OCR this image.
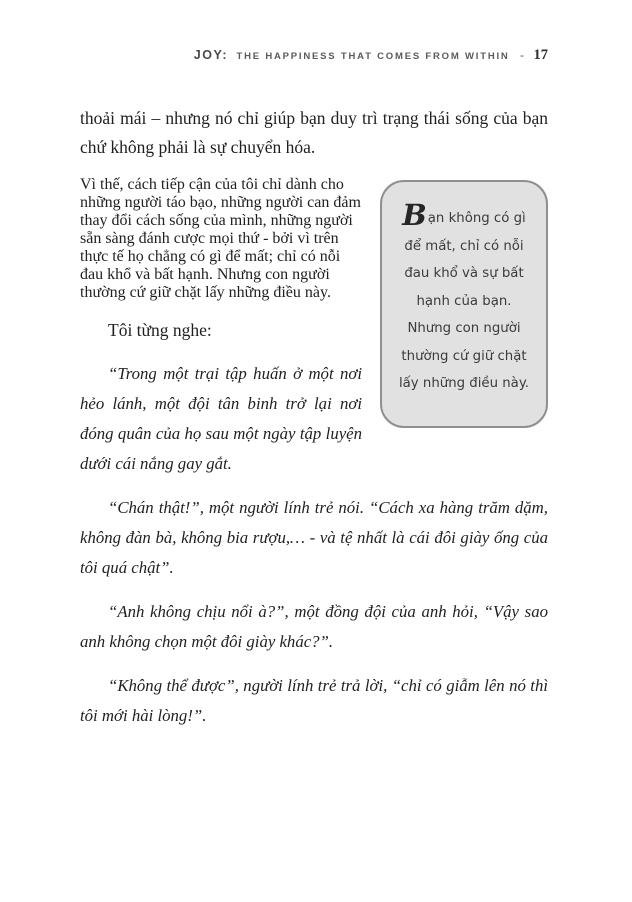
JOY: THE HAPPINESS THAT COMES FROM WITHIN - 17

thoải mái – nhưng nó chỉ giúp bạn duy trì trạng thái sống của bạn chứ không phải là sự chuyển hóa.

Bạn không có gì để mất, chỉ có nỗi đau khổ và sự bất hạnh của bạn. Nhưng con người thường cứ giữ chặt lấy những điều này.
Vì thế, cách tiếp cận của tôi chỉ dành cho những người táo bạo, những người can đảm thay đổi cách sống của mình, những người sẵn sàng đánh cược mọi thứ - bởi vì trên thực tế họ chẳng có gì để mất; chỉ có nỗi đau khổ và bất hạnh. Nhưng con người thường cứ giữ chặt lấy những điều này.

Tôi từng nghe:

“Trong một trại tập huấn ở một nơi hẻo lánh, một đội tân binh trở lại nơi đóng quân của họ sau một ngày tập luyện dưới cái nắng gay gắt.

“Chán thật!”, một người lính trẻ nói. “Cách xa hàng trăm dặm, không đàn bà, không bia rượu,… - và tệ nhất là cái đôi giày ống của tôi quá chật”.

“Anh không chịu nổi à?”, một đồng đội của anh hỏi, “Vậy sao anh không chọn một đôi giày khác?”.

“Không thể được”, người lính trẻ trả lời, “chỉ có giẫm lên nó thì tôi mới hài lòng!”.
